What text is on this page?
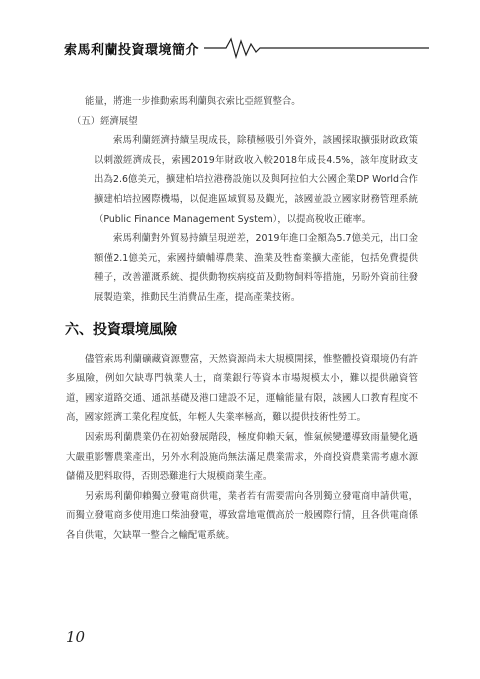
索馬利蘭投資環境簡介

能量，將進一步推動索馬利蘭與衣索比亞經貿整合。

（五）經濟展望

索馬利蘭經濟持續呈現成長，除積極吸引外資外，該國採取擴張財政政策以刺激經濟成長，索國2019年財政收入較2018年成長4.5%，該年度財政支出為2.6億美元，擴建柏培拉港務設施以及與阿拉伯大公國企業DP World合作擴建柏培拉國際機場，以促進區域貿易及觀光，該國並設立國家財務管理系統（Public Finance Management System），以提高稅收正確率。

索馬利蘭對外貿易持續呈現逆差，2019年進口金額為5.7億美元，出口金額僅2.1億美元，索國持續輔導農業、漁業及牲畜業擴大產能，包括免費提供種子，改善灌溉系統、提供動物疾病疫苗及動物飼料等措施，另盼外資前往發展製造業，推動民生消費品生產，提高產業技術。

六、投資環境風險

儘管索馬利蘭礦藏資源豐富，天然資源尚未大規模開採，惟整體投資環境仍有許多風險，例如欠缺專門執業人士，商業銀行等資本市場規模太小，難以提供融資管道，國家道路交通、通訊基礎及港口建設不足，運輸能量有限，該國人口教育程度不高，國家經濟工業化程度低，年輕人失業率極高，難以提供技術性勞工。

因索馬利蘭農業仍在初始發展階段，極度仰賴天氣，惟氣候變遷導致雨量變化過大嚴重影響農業產出，另外水利設施尚無法滿足農業需求，外商投資農業需考慮水源儲備及肥料取得，否則恐難進行大規模商業生產。

另索馬利蘭仰賴獨立發電商供電，業者若有需要需向各別獨立發電商申請供電，而獨立發電商多使用進口柴油發電，導致當地電價高於一般國際行情，且各供電商係各自供電，欠缺單一整合之輸配電系統。

10
